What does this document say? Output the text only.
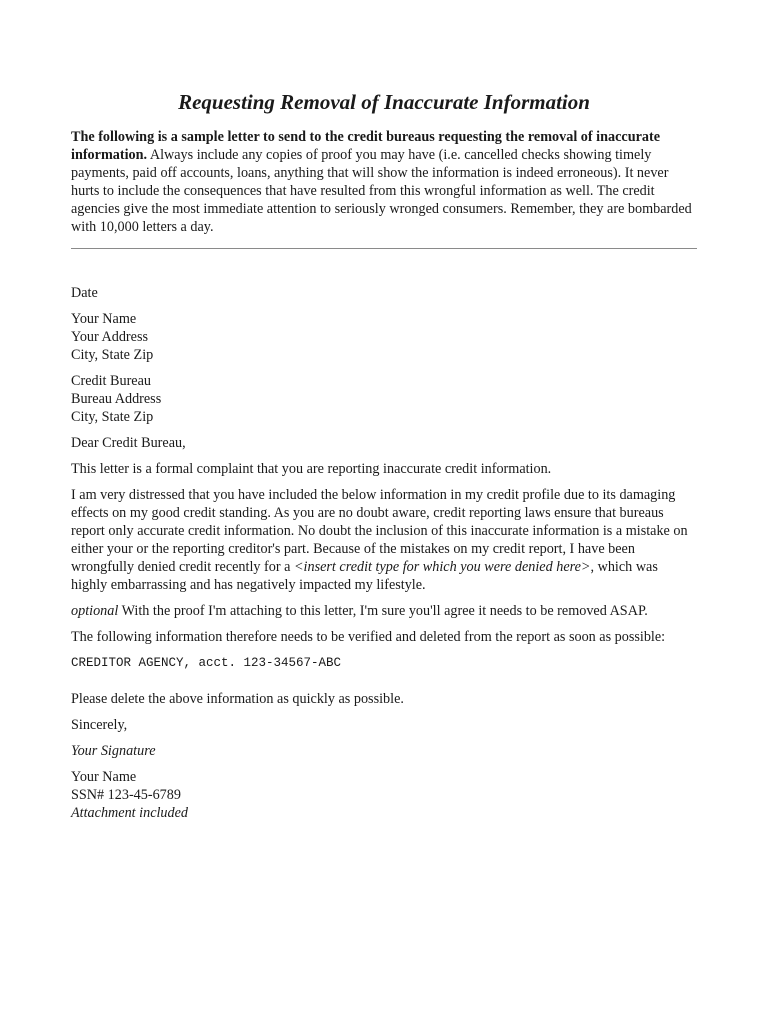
Requesting Removal of Inaccurate Information

The following is a sample letter to send to the credit bureaus requesting the removal of inaccurate information. Always include any copies of proof you may have (i.e. cancelled checks showing timely payments, paid off accounts, loans, anything that will show the information is indeed erroneous). It never hurts to include the consequences that have resulted from this wrongful information as well. The credit agencies give the most immediate attention to seriously wronged consumers. Remember, they are bombarded with 10,000 letters a day.

Date

Your Name
Your Address
City, State Zip
Credit Bureau
Bureau Address
City, State Zip

Dear Credit Bureau,

This letter is a formal complaint that you are reporting inaccurate credit information.

I am very distressed that you have included the below information in my credit profile due to its damaging effects on my good credit standing. As you are no doubt aware, credit reporting laws ensure that bureaus report only accurate credit information. No doubt the inclusion of this inaccurate information is a mistake on either your or the reporting creditor's part. Because of the mistakes on my credit report, I have been wrongfully denied credit recently for a <insert credit type for which you were denied here>, which was highly embarrassing and has negatively impacted my lifestyle.

optional With the proof I'm attaching to this letter, I'm sure you'll agree it needs to be removed ASAP.

The following information therefore needs to be verified and deleted from the report as soon as possible:

CREDITOR AGENCY, acct. 123-34567-ABC

Please delete the above information as quickly as possible.

Sincerely,

Your Signature

Your Name
SSN# 123-45-6789
Attachment included
